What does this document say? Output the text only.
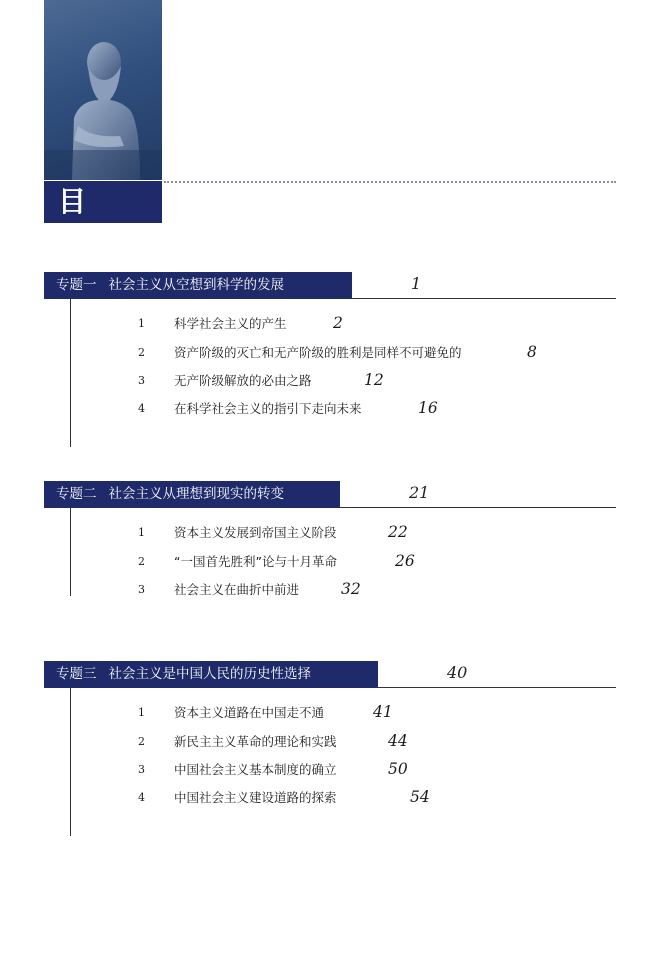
目 录
专题一 社会主义从空想到科学的发展	1
1	科学社会主义的产生	2
2	资产阶级的灭亡和无产阶级的胜利是同样不可避免的	8
3	无产阶级解放的必由之路	12
4	在科学社会主义的指引下走向未来	16
专题二 社会主义从理想到现实的转变	21
1	资本主义发展到帝国主义阶段	22
2	“一国首先胜利”论与十月革命	26
3	社会主义在曲折中前进	32
专题三 社会主义是中国人民的历史性选择	40
1	资本主义道路在中国走不通	41
2	新民主主义革命的理论和实践	44
3	中国社会主义基本制度的确立	50
4	中国社会主义建设道路的探索	54
